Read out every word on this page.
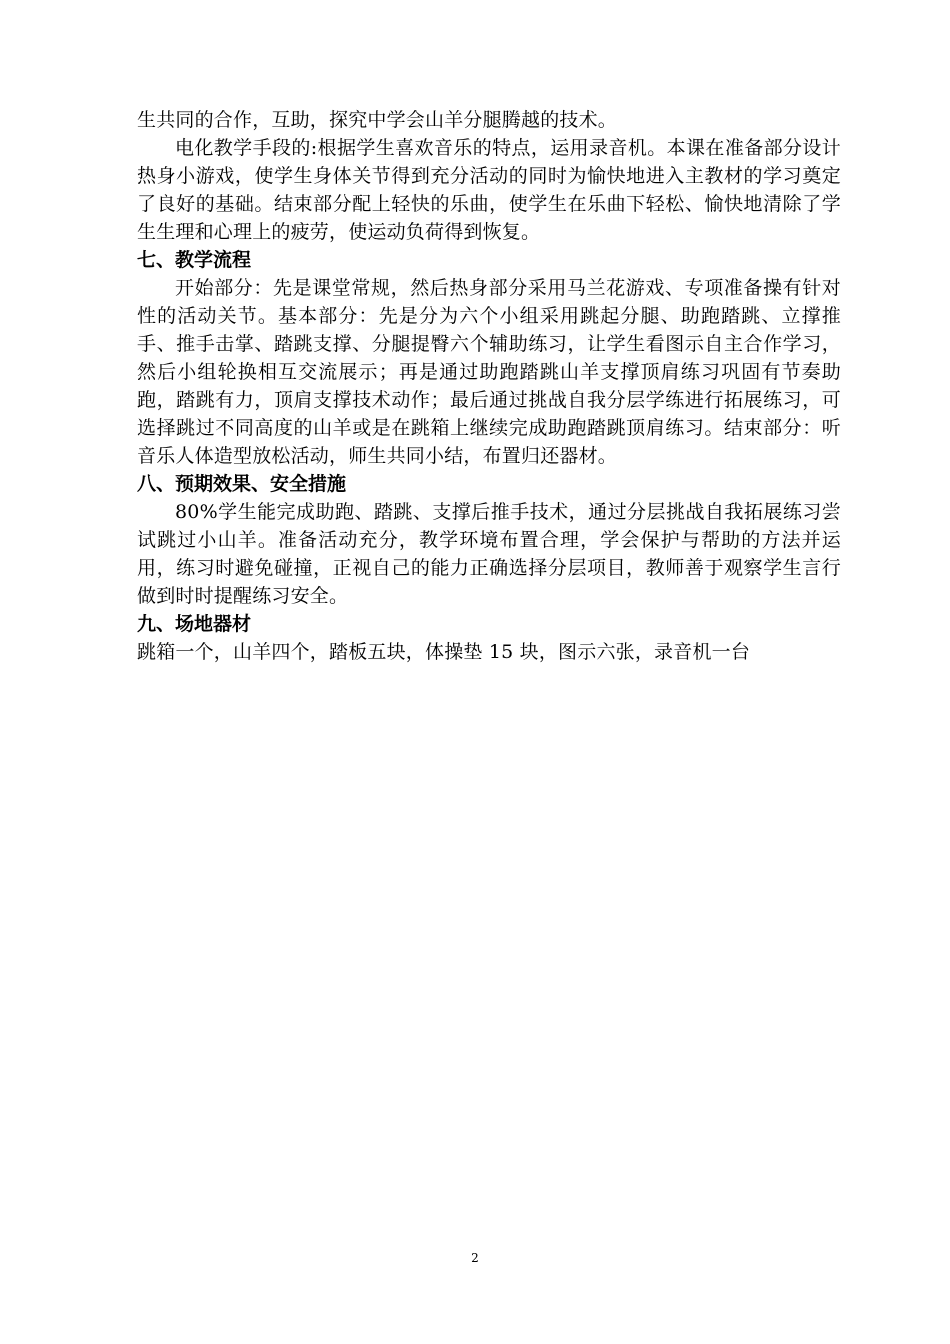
生共同的合作，互助，探究中学会山羊分腿腾越的技术。

电化教学手段的:根据学生喜欢音乐的特点，运用录音机。本课在准备部分设计热身小游戏，使学生身体关节得到充分活动的同时为愉快地进入主教材的学习奠定了良好的基础。结束部分配上轻快的乐曲，使学生在乐曲下轻松、愉快地清除了学生生理和心理上的疲劳，使运动负荷得到恢复。

七、教学流程

开始部分：先是课堂常规，然后热身部分采用马兰花游戏、专项准备操有针对性的活动关节。基本部分：先是分为六个小组采用跳起分腿、助跑踏跳、立撑推手、推手击掌、踏跳支撑、分腿提臀六个辅助练习，让学生看图示自主合作学习，然后小组轮换相互交流展示；再是通过助跑踏跳山羊支撑顶肩练习巩固有节奏助跑，踏跳有力，顶肩支撑技术动作；最后通过挑战自我分层学练进行拓展练习，可选择跳过不同高度的山羊或是在跳箱上继续完成助跑踏跳顶肩练习。结束部分：听音乐人体造型放松活动，师生共同小结，布置归还器材。

八、预期效果、安全措施

80%学生能完成助跑、踏跳、支撑后推手技术，通过分层挑战自我拓展练习尝试跳过小山羊。准备活动充分，教学环境布置合理，学会保护与帮助的方法并运用，练习时避免碰撞，正视自己的能力正确选择分层项目，教师善于观察学生言行做到时时提醒练习安全。

九、场地器材

跳箱一个，山羊四个，踏板五块，体操垫 15 块，图示六张，录音机一台

2
